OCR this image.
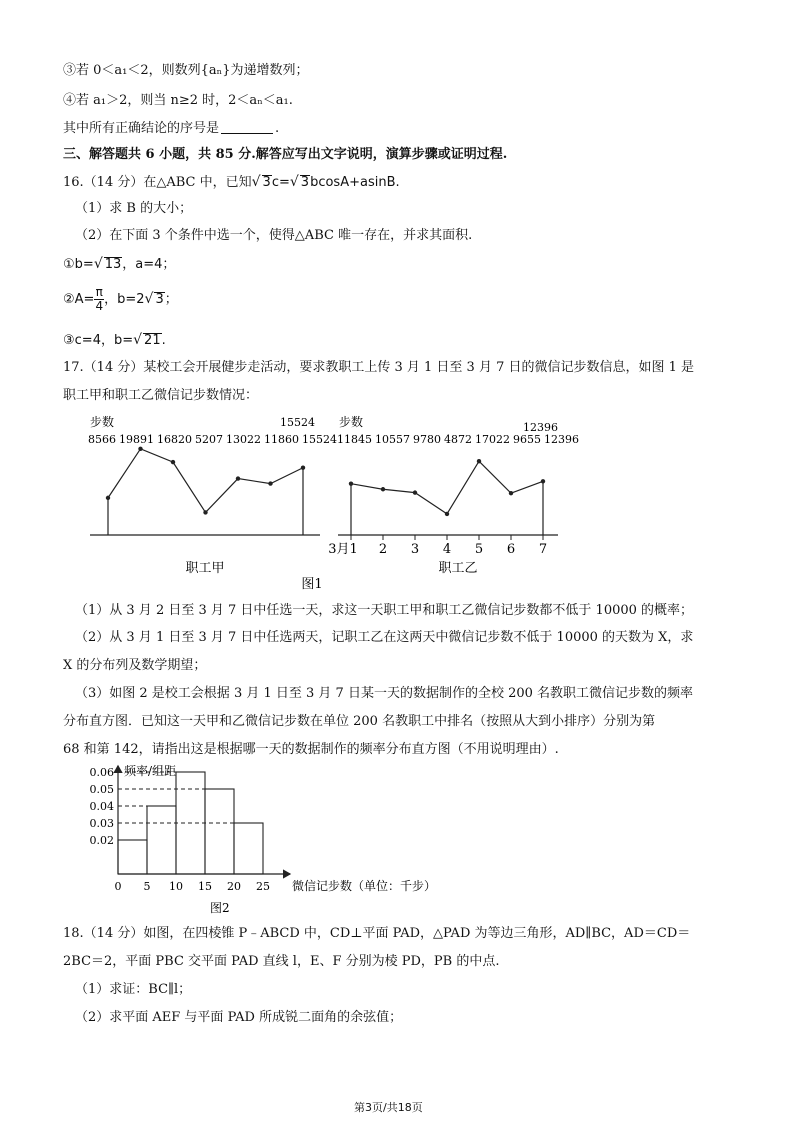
③若 0＜a₁＜2，则数列{aₙ}为递增数列；
④若 a₁＞2，则当 n≥2 时，2＜aₙ＜a₁.
其中所有正确结论的序号是	.
三、解答题共 6 小题，共 85 分.解答应写出文字说明，演算步骤或证明过程.
16.（14 分）在△ABC 中，已知√ 3c=√ 3bcosA+asinB.
（1）求 B 的大小；
（2）在下面 3 个条件中选一个，使得△ABC 唯一存在，并求其面积.
①b=√ 13，a=4；
②A= $\frac{\pi}{4}$ ，b=2√ 3；
③c=4，b=√ 21.
17.（14 分）某校工会开展健步走活动，要求教职工上传 3 月 1 日至 3 月 7 日的微信记步数信息，如图 1 是
职工甲和职工乙微信记步数情况：
步数	15524
8566 19891 16820 5207 13022 11860 15524
职工甲
步数	12396
11845 10557 9780 4872 17022 9655 12396
3月1 2 3 4 5 6 7
职工乙
图1
（1）从 3 月 2 日至 3 月 7 日中任选一天，求这一天职工甲和职工乙微信记步数都不低于 10000 的概率；
（2）从 3 月 1 日至 3 月 7 日中任选两天，记职工乙在这两天中微信记步数不低于 10000 的天数为 X，求
X 的分布列及数学期望；
（3）如图 2 是校工会根据 3 月 1 日至 3 月 7 日某一天的数据制作的全校 200 名教职工微信记步数的频率
分布直方图．已知这一天甲和乙微信记步数在单位 200 名教职工中排名（按照从大到小排序）分别为第
68 和第 142，请指出这是根据哪一天的数据制作的频率分布直方图（不用说明理由）.
频率/组距
0.06
0.05
0.04
0.03
0.02
0 5 10 15 20 25 微信记步数（单位：千步）
图2
18.（14 分）如图，在四棱锥 P﹣ABCD 中，CD⊥平面 PAD，△PAD 为等边三角形，AD∥BC，AD＝CD＝
2BC＝2，平面 PBC 交平面 PAD 直线 l，E、F 分别为棱 PD，PB 的中点.
（1）求证：BC∥l；
（2）求平面 AEF 与平面 PAD 所成锐二面角的余弦值；
第3页/共18页
